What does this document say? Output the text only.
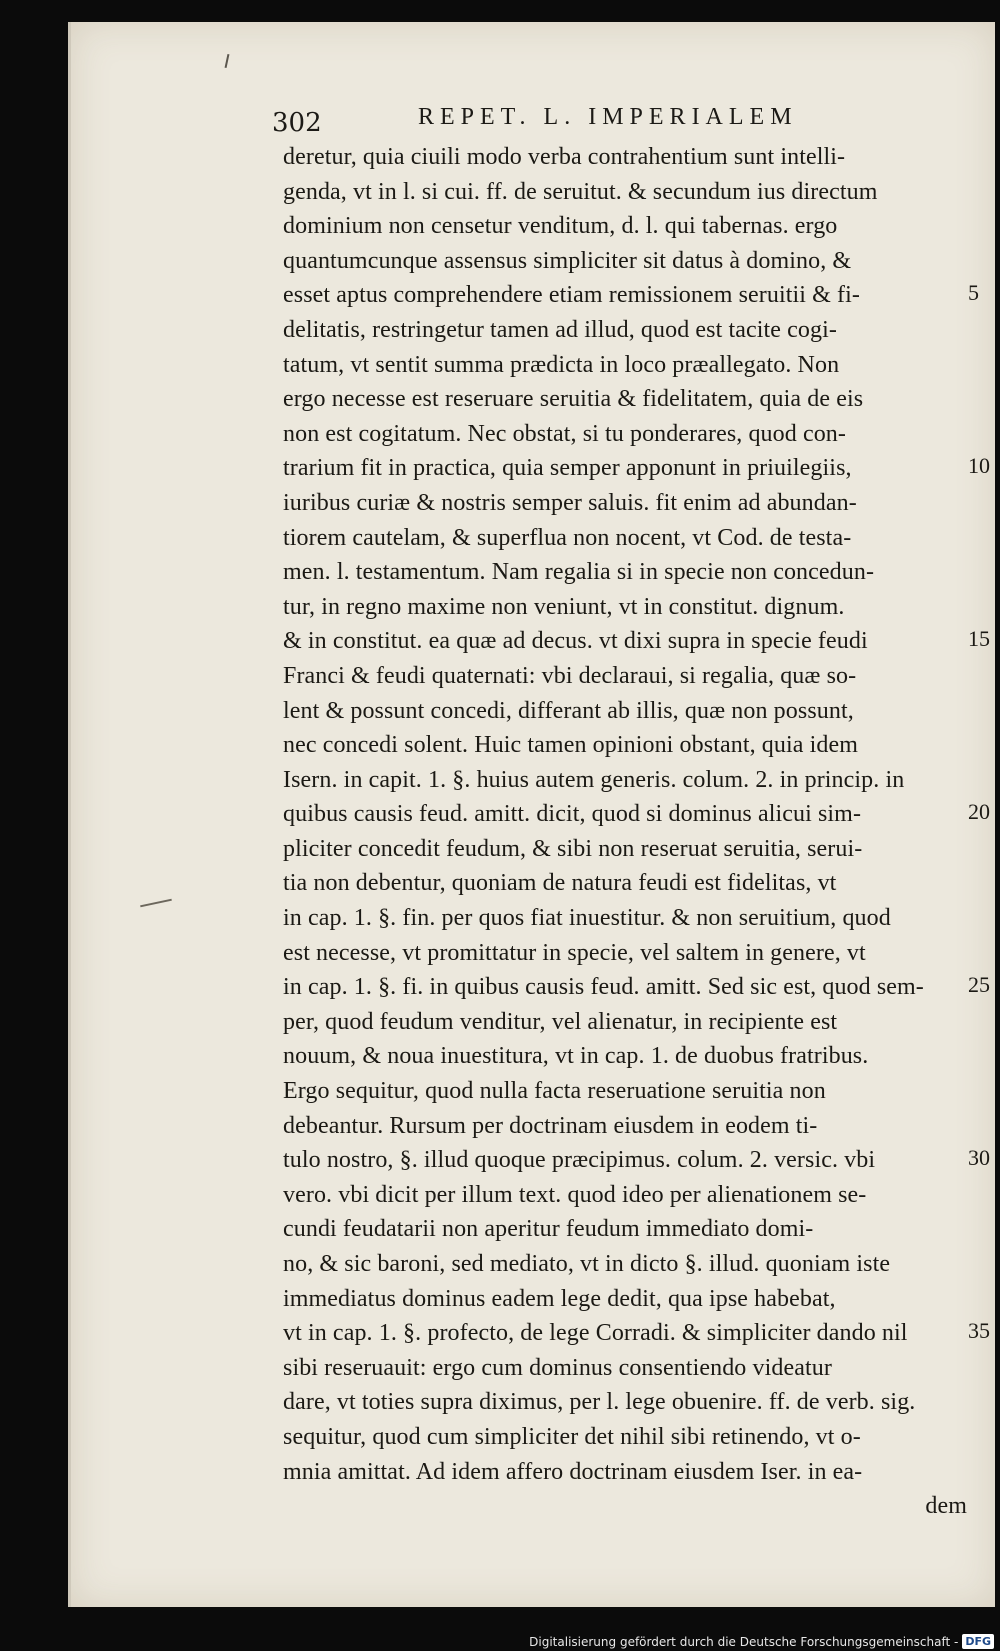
302	REPET. L. IMPERIALEM
deretur, quia ciuili modo verba contrahentium sunt intelli-
genda, vt in l. si cui. ff. de seruitut. & secundum ius directum
dominium non censetur venditum, d. l. qui tabernas. ergo
quantumcunque assensus simpliciter sit datus à domino, &
esset aptus comprehendere etiam remissionem seruitii & fi-
delitatis, restringetur tamen ad illud, quod est tacite cogi-
tatum, vt sentit summa prædicta in loco præallegato. Non
ergo necesse est reseruare seruitia & fidelitatem, quia de eis
non est cogitatum. Nec obstat, si tu ponderares, quod con-
trarium fit in practica, quia semper apponunt in priuilegiis,
iuribus curiæ & nostris semper saluis. fit enim ad abundan-
tiorem cautelam, & superflua non nocent, vt Cod. de testa-
men. l. testamentum. Nam regalia si in specie non concedun-
tur, in regno maxime non veniunt, vt in constitut. dignum.
& in constitut. ea quæ ad decus. vt dixi supra in specie feudi
Franci & feudi quaternati: vbi declaraui, si regalia, quæ so-
lent & possunt concedi, differant ab illis, quæ non possunt,
nec concedi solent. Huic tamen opinioni obstant, quia idem
Isern. in capit. 1. §. huius autem generis. colum. 2. in princip. in
quibus causis feud. amitt. dicit, quod si dominus alicui sim-
pliciter concedit feudum, & sibi non reseruat seruitia, serui-
tia non debentur, quoniam de natura feudi est fidelitas, vt
in cap. 1. §. fin. per quos fiat inuestitur. & non seruitium, quod
est necesse, vt promittatur in specie, vel saltem in genere, vt
in cap. 1. §. fi. in quibus causis feud. amitt. Sed sic est, quod sem-
per, quod feudum venditur, vel alienatur, in recipiente est
nouum, & noua inuestitura, vt in cap. 1. de duobus fratribus.
Ergo sequitur, quod nulla facta reseruatione seruitia non
debeantur. Rursum per doctrinam eiusdem in eodem ti-
tulo nostro, §. illud quoque præcipimus. colum. 2. versic. vbi
vero. vbi dicit per illum text. quod ideo per alienationem se-
cundi feudatarii non aperitur feudum immediato domi-
no, & sic baroni, sed mediato, vt in dicto §. illud. quoniam iste
immediatus dominus eadem lege dedit, qua ipse habebat,
vt in cap. 1. §. profecto, de lege Corradi. & simpliciter dando nil
sibi reseruauit: ergo cum dominus consentiendo videatur
dare, vt toties supra diximus, per l. lege obuenire. ff. de verb. sig.
sequitur, quod cum simpliciter det nihil sibi retinendo, vt o-
mnia amittat. Ad idem affero doctrinam eiusdem Iser. in ea-
dem
5
10
15
20
25
30
35
Digitalisierung gefördert durch die Deutsche Forschungsgemeinschaft - DFG
